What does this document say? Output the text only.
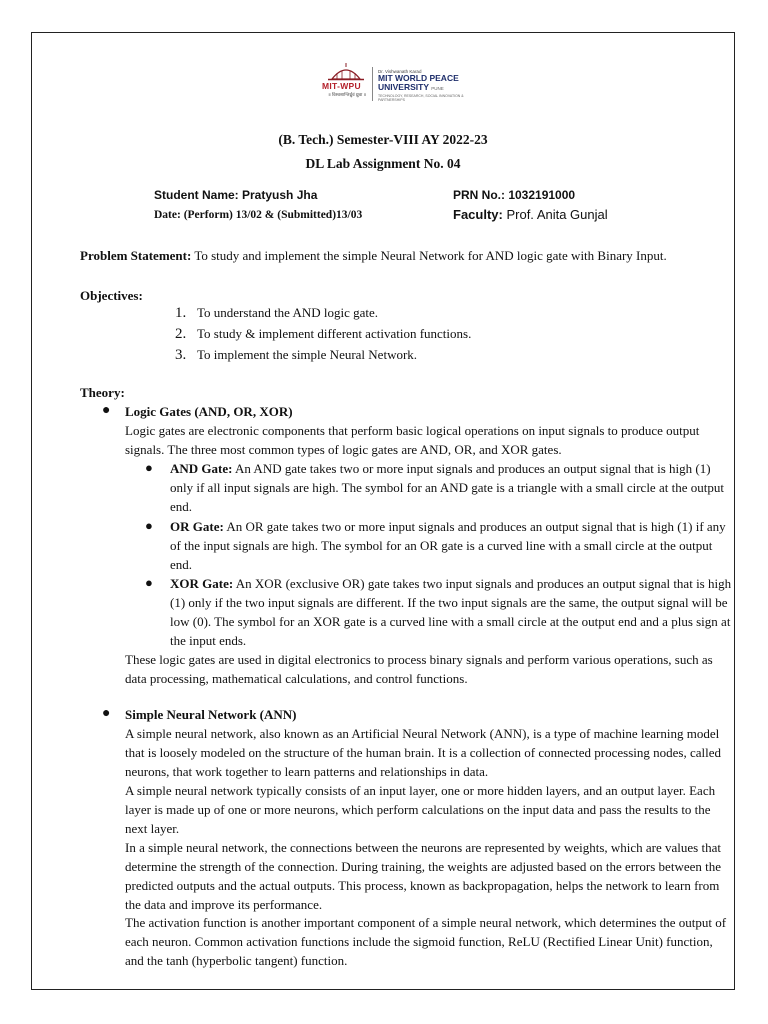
MIT-WPU
॥ विश्वशान्तिर्ध्रुवं ध्रुवा ॥
Dr. Vishwanath Karad
MIT WORLD PEACE
UNIVERSITY PUNE
TECHNOLOGY, RESEARCH, SOCIAL INNOVATION & PARTNERSHIPS
(B. Tech.) Semester-VIII AY 2022-23
DL Lab Assignment No. 04
Student Name: Pratyush Jha	PRN No.: 1032191000
Date: (Perform) 13/02 & (Submitted)13/03	Faculty: Prof. Anita Gunjal
Problem Statement: To study and implement the simple Neural Network for AND logic gate with Binary Input.
Objectives:
1. To understand the AND logic gate.
2. To study & implement different activation functions.
3. To implement the simple Neural Network.
Theory:
● Logic Gates (AND, OR, XOR)
Logic gates are electronic components that perform basic logical operations on input signals to produce output signals. The three most common types of logic gates are AND, OR, and XOR gates.
● AND Gate: An AND gate takes two or more input signals and produces an output signal that is high (1) only if all input signals are high. The symbol for an AND gate is a triangle with a small circle at the output end.
● OR Gate: An OR gate takes two or more input signals and produces an output signal that is high (1) if any of the input signals are high. The symbol for an OR gate is a curved line with a small circle at the output end.
● XOR Gate: An XOR (exclusive OR) gate takes two input signals and produces an output signal that is high (1) only if the two input signals are different. If the two input signals are the same, the output signal will be low (0). The symbol for an XOR gate is a curved line with a small circle at the output end and a plus sign at the input ends.
These logic gates are used in digital electronics to process binary signals and perform various operations, such as data processing, mathematical calculations, and control functions.
● Simple Neural Network (ANN)
A simple neural network, also known as an Artificial Neural Network (ANN), is a type of machine learning model that is loosely modeled on the structure of the human brain. It is a collection of connected processing nodes, called neurons, that work together to learn patterns and relationships in data.
A simple neural network typically consists of an input layer, one or more hidden layers, and an output layer. Each layer is made up of one or more neurons, which perform calculations on the input data and pass the results to the next layer.
In a simple neural network, the connections between the neurons are represented by weights, which are values that determine the strength of the connection. During training, the weights are adjusted based on the errors between the predicted outputs and the actual outputs. This process, known as backpropagation, helps the network to learn from the data and improve its performance.
The activation function is another important component of a simple neural network, which determines the output of each neuron. Common activation functions include the sigmoid function, ReLU (Rectified Linear Unit) function, and the tanh (hyperbolic tangent) function.
